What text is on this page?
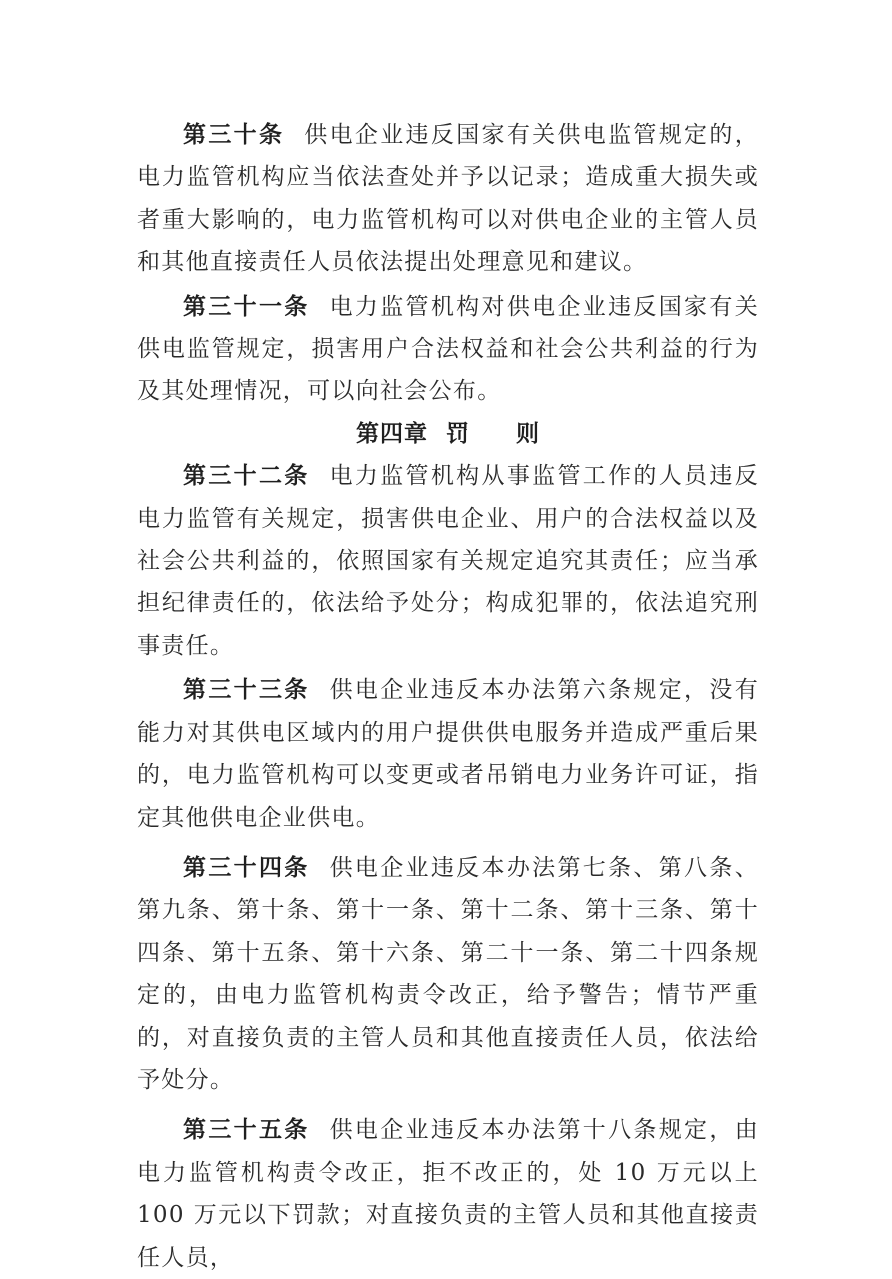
第三十条 供电企业违反国家有关供电监管规定的，电力监管机构应当依法查处并予以记录；造成重大损失或者重大影响的，电力监管机构可以对供电企业的主管人员和其他直接责任人员依法提出处理意见和建议。

第三十一条 电力监管机构对供电企业违反国家有关供电监管规定，损害用户合法权益和社会公共利益的行为及其处理情况，可以向社会公布。

第四章 罚 则

第三十二条 电力监管机构从事监管工作的人员违反电力监管有关规定，损害供电企业、用户的合法权益以及社会公共利益的，依照国家有关规定追究其责任；应当承担纪律责任的，依法给予处分；构成犯罪的，依法追究刑事责任。

第三十三条 供电企业违反本办法第六条规定，没有能力对其供电区域内的用户提供供电服务并造成严重后果的，电力监管机构可以变更或者吊销电力业务许可证，指定其他供电企业供电。

第三十四条 供电企业违反本办法第七条、第八条、第九条、第十条、第十一条、第十二条、第十三条、第十四条、第十五条、第十六条、第二十一条、第二十四条规定的，由电力监管机构责令改正，给予警告；情节严重的，对直接负责的主管人员和其他直接责任人员，依法给予处分。

第三十五条 供电企业违反本办法第十八条规定，由电力监管机构责令改正，拒不改正的，处 10 万元以上 100 万元以下罚款；对直接负责的主管人员和其他直接责任人员，
